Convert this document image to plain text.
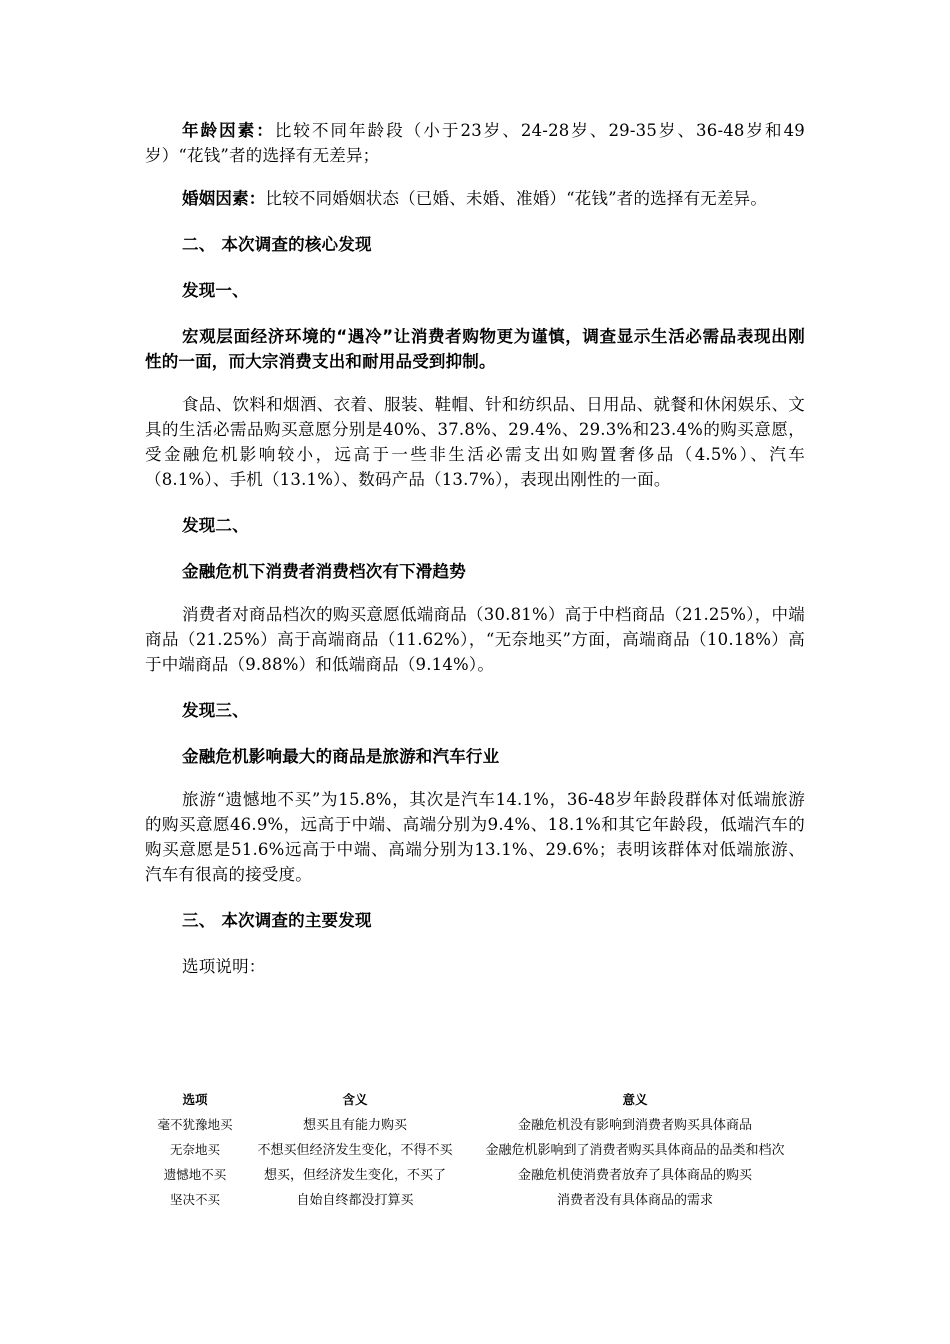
年龄因素：比较不同年龄段（小于23岁、24-28岁、29-35岁、36-48岁和49岁）“花钱”者的选择有无差异；

婚姻因素：比较不同婚姻状态（已婚、未婚、准婚）“花钱”者的选择有无差异。

二、 本次调查的核心发现

发现一、

宏观层面经济环境的“遇冷”让消费者购物更为谨慎，调查显示生活必需品表现出刚性的一面，而大宗消费支出和耐用品受到抑制。

食品、饮料和烟酒、衣着、服装、鞋帽、针和纺织品、日用品、就餐和休闲娱乐、文具的生活必需品购买意愿分别是40%、37.8%、29.4%、29.3%和23.4%的购买意愿，受金融危机影响较小，远高于一些非生活必需支出如购置奢侈品（4.5%）、汽车（8.1%）、手机（13.1%）、数码产品（13.7%），表现出刚性的一面。

发现二、

金融危机下消费者消费档次有下滑趋势

消费者对商品档次的购买意愿低端商品（30.81%）高于中档商品（21.25%），中端商品（21.25%）高于高端商品（11.62%），“无奈地买”方面，高端商品（10.18%）高于中端商品（9.88%）和低端商品（9.14%）。

发现三、

金融危机影响最大的商品是旅游和汽车行业

旅游“遗憾地不买”为15.8%，其次是汽车14.1%，36-48岁年龄段群体对低端旅游的购买意愿46.9%，远高于中端、高端分别为9.4%、18.1%和其它年龄段，低端汽车的购买意愿是51.6%远高于中端、高端分别为13.1%、29.6%；表明该群体对低端旅游、汽车有很高的接受度。

三、 本次调查的主要发现

选项说明：

选项	含义	意义
毫不犹豫地买	想买且有能力购买	金融危机没有影响到消费者购买具体商品
无奈地买	不想买但经济发生变化，不得不买	金融危机影响到了消费者购买具体商品的品类和档次
遗憾地不买	想买，但经济发生变化，不买了	金融危机使消费者放弃了具体商品的购买
坚决不买	自始自终都没打算买	消费者没有具体商品的需求
